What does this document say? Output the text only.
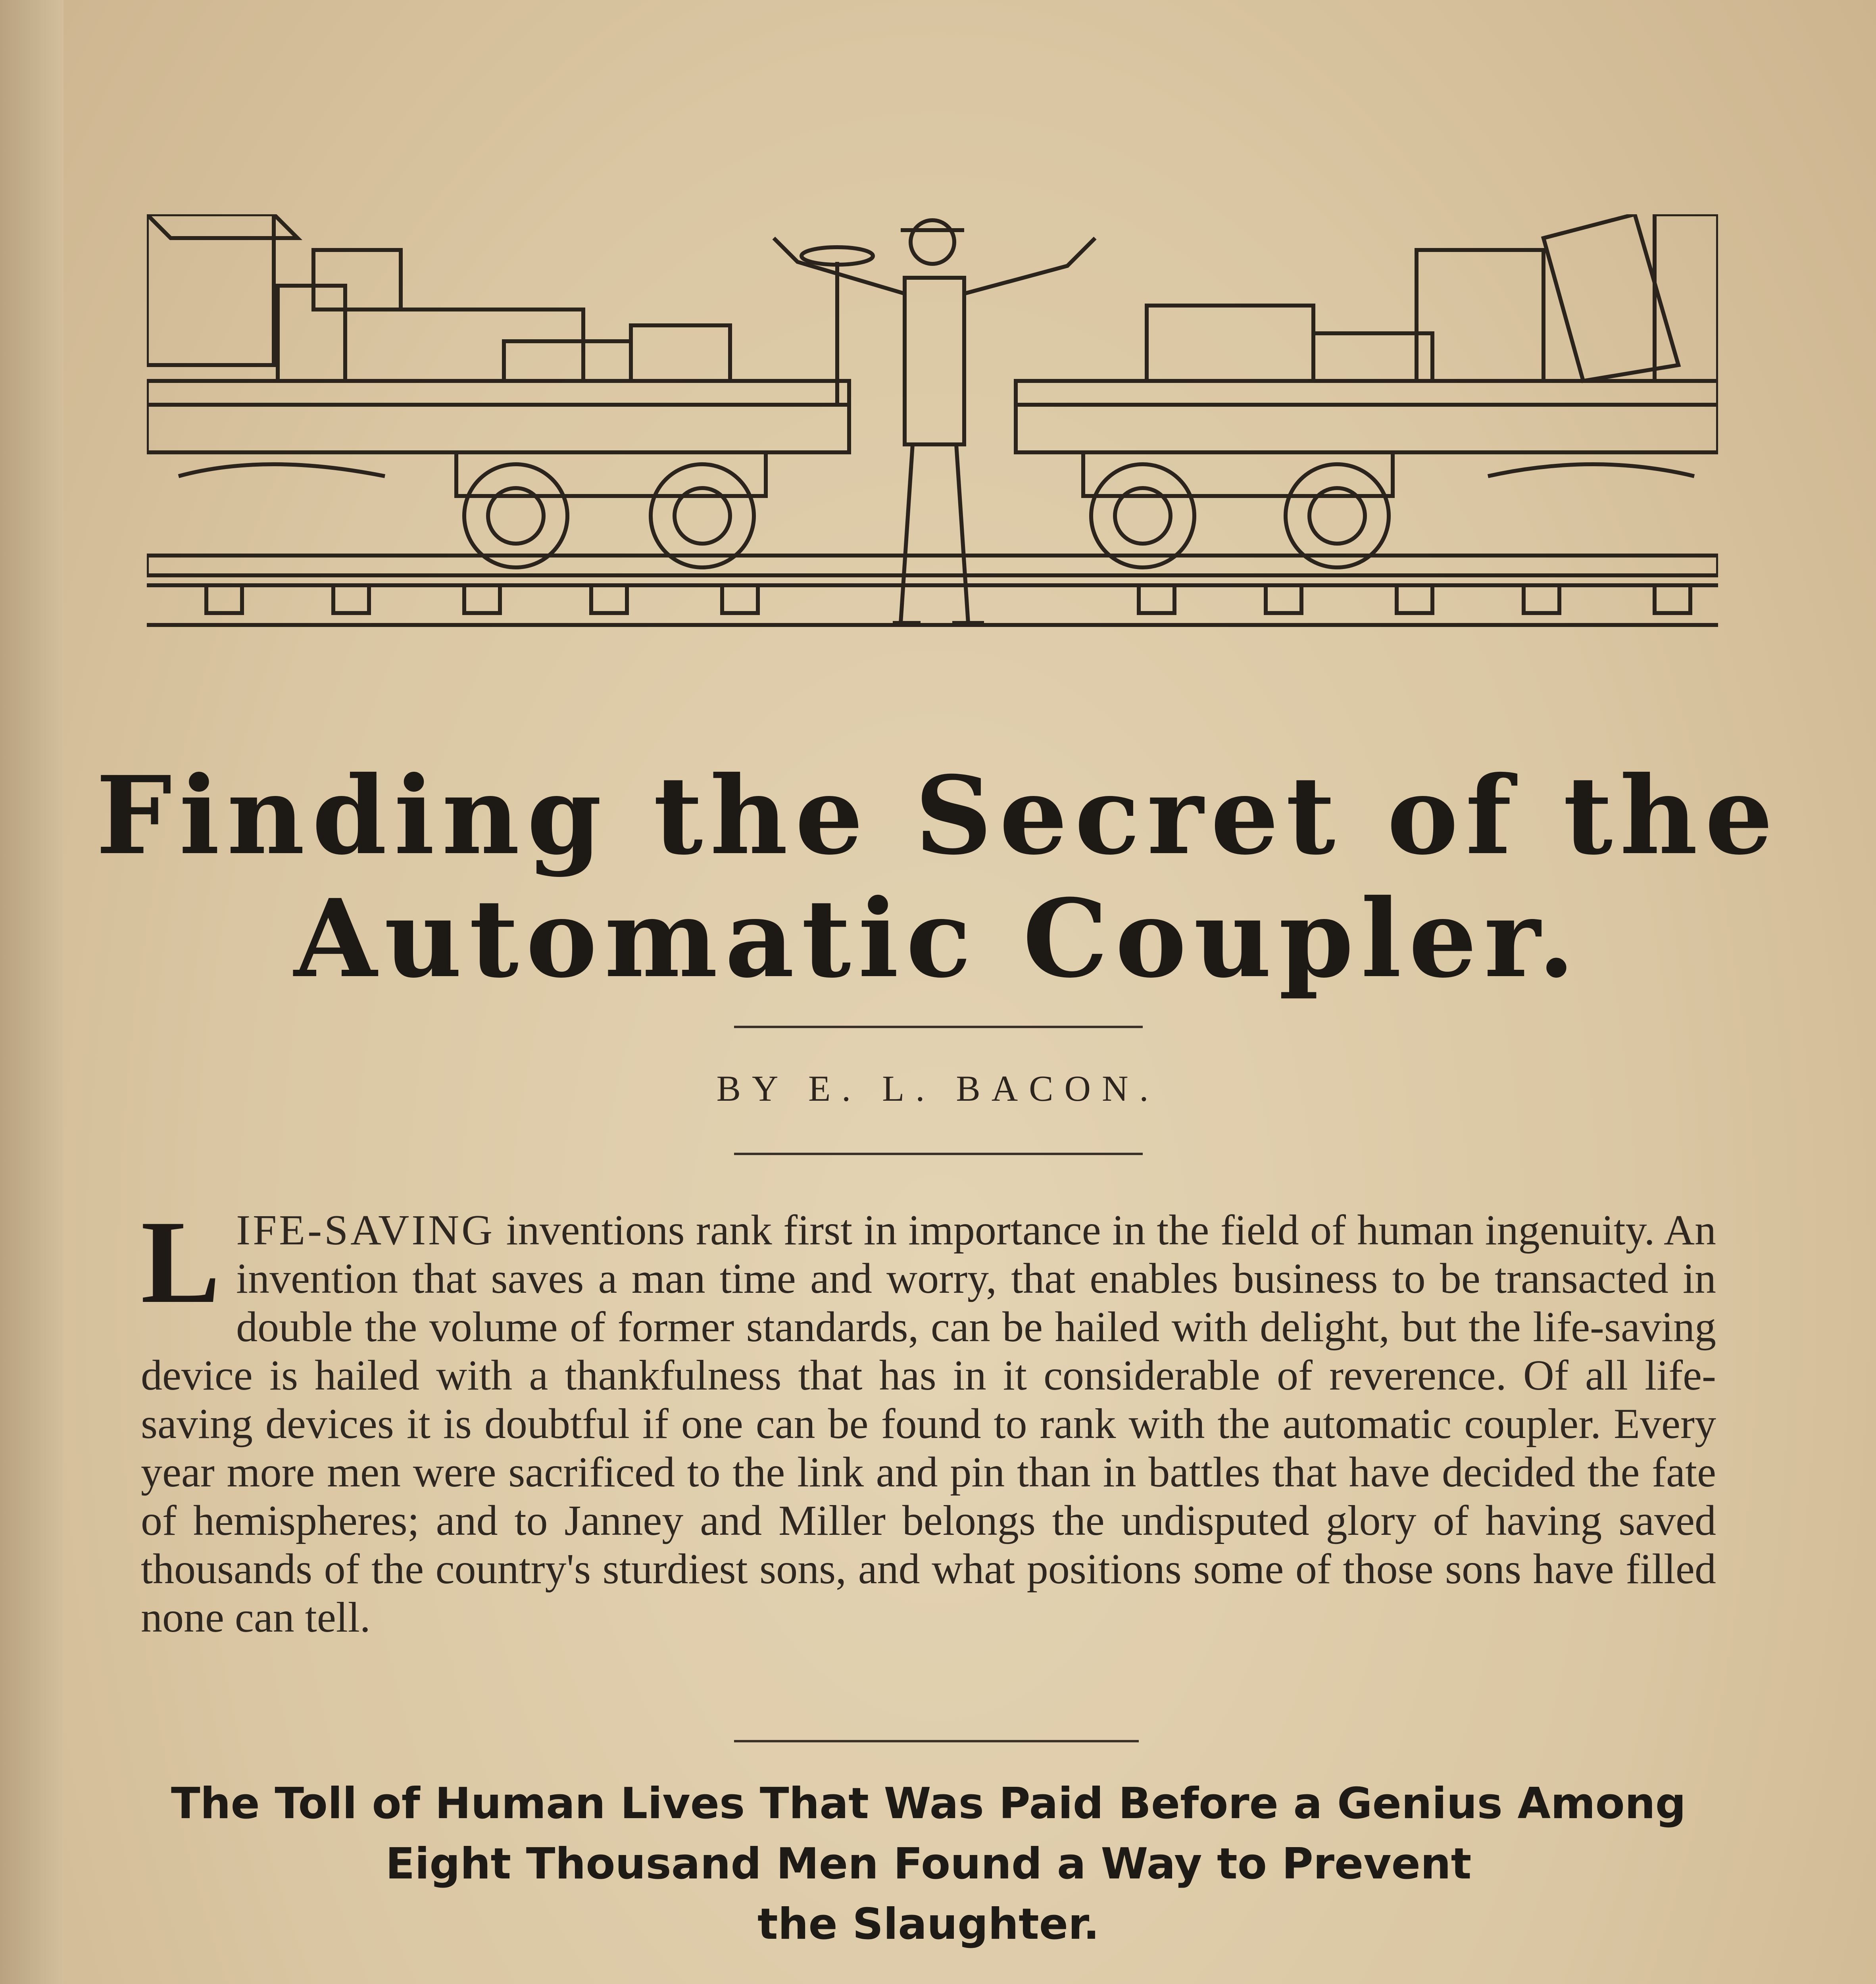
Finding the Secret of the
Automatic Coupler.
BY E. L. BACON.
LIFE-SAVING inventions rank first in importance in the field of human ingenuity. An invention that saves a man time and worry, that enables business to be transacted in double the volume of former standards, can be hailed with delight, but the life-saving device is hailed with a thankfulness that has in it considerable of reverence. Of all life-saving devices it is doubtful if one can be found to rank with the automatic coupler. Every year more men were sacrificed to the link and pin than in battles that have decided the fate of hemispheres; and to Janney and Miller belongs the undisputed glory of having saved thousands of the country's sturdiest sons, and what positions some of those sons have filled none can tell.
The Toll of Human Lives That Was Paid Before a Genius Among
Eight Thousand Men Found a Way to Prevent
the Slaughter.
